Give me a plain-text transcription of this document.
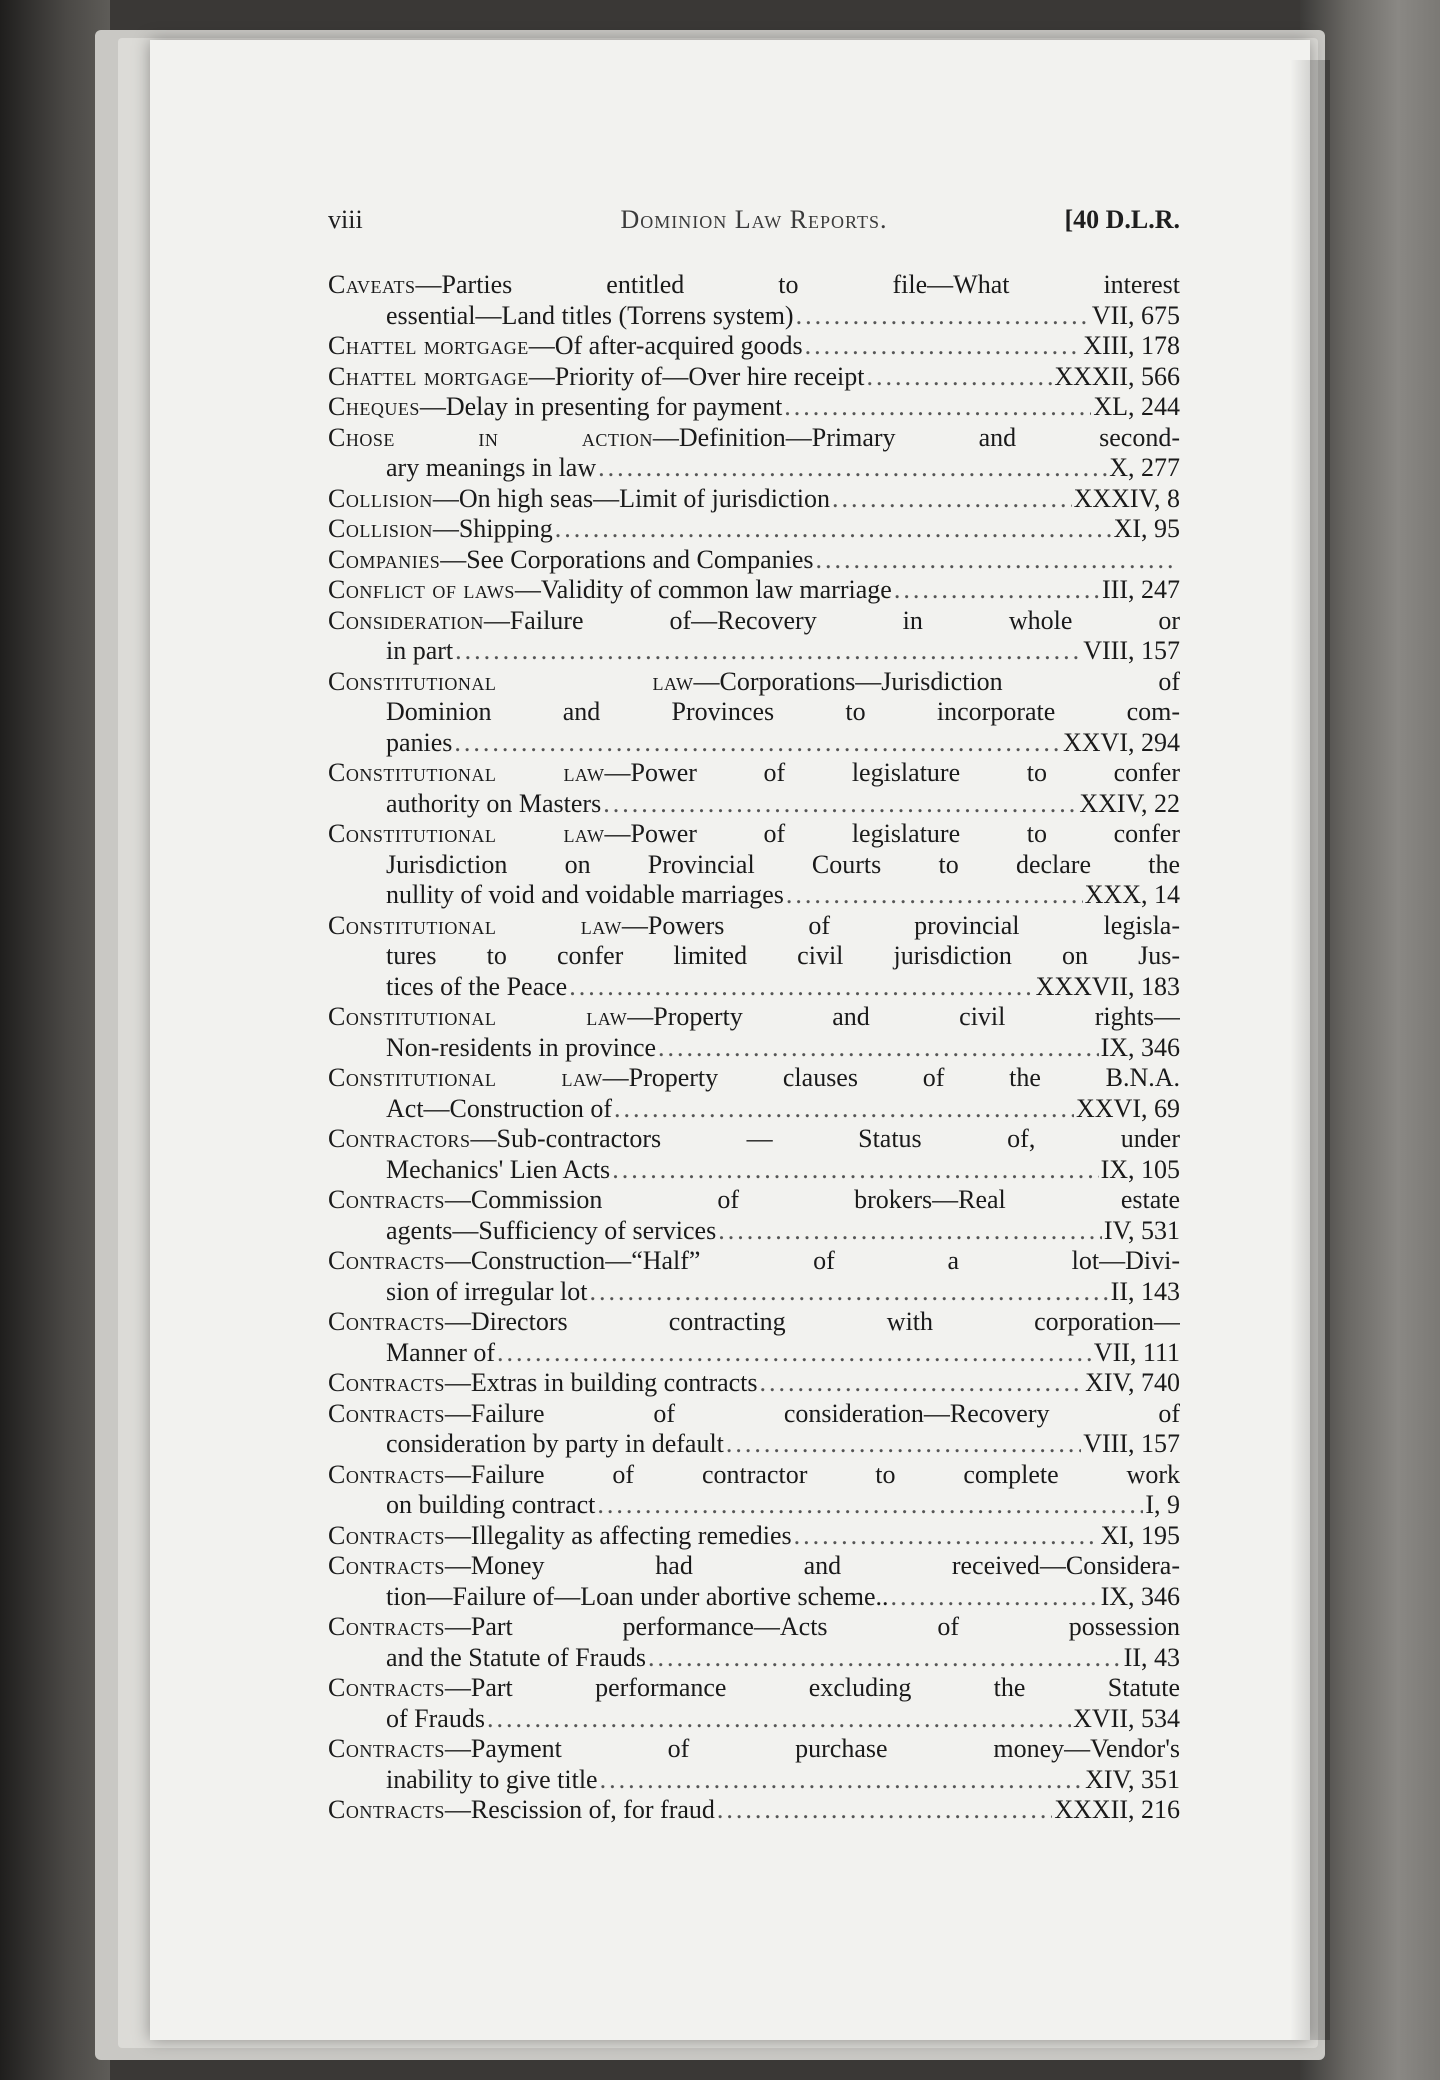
viii	Dominion Law Reports.	[40 D.L.R.
Caveats—Parties entitled to file—What interest
essential—Land titles (Torrens system) .....	VII, 675
Chattel mortgage—Of after-acquired goods .....	XIII, 178
Chattel mortgage—Priority of—Over hire receipt .....	XXXII, 566
Cheques—Delay in presenting for payment .....	XL, 244
Chose in action—Definition—Primary and second-
ary meanings in law .....	X, 277
Collision—On high seas—Limit of jurisdiction .....	XXXIV, 8
Collision—Shipping .....	XI, 95
Companies—See Corporations and Companies
.....
Conflict of laws—Validity of common law marriage .....	III, 247
Consideration—Failure of—Recovery in whole or
in part .....	VIII, 157
Constitutional law—Corporations—Jurisdiction of
Dominion and Provinces to incorporate com-
panies .....	XXVI, 294
Constitutional law—Power of legislature to confer
authority on Masters .....	XXIV, 22
Constitutional law—Power of legislature to confer
Jurisdiction on Provincial Courts to declare the
nullity of void and voidable marriages .....	XXX, 14
Constitutional law—Powers of provincial legisla-
tures to confer limited civil jurisdiction on Jus-
tices of the Peace .....	XXXVII, 183
Constitutional law—Property and civil rights—
Non-residents in province .....	IX, 346
Constitutional law—Property clauses of the B.N.A.
Act—Construction of .....	XXVI, 69
Contractors—Sub-contractors — Status of, under
Mechanics' Lien Acts .....	IX, 105
Contracts—Commission of brokers—Real estate
agents—Sufficiency of services .....	IV, 531
Contracts—Construction—“Half” of a lot—Divi-
sion of irregular lot .....	II, 143
Contracts—Directors contracting with corporation—
Manner of .....	VII, 111
Contracts—Extras in building contracts .....	XIV, 740
Contracts—Failure of consideration—Recovery of
consideration by party in default .....	VIII, 157
Contracts—Failure of contractor to complete work
on building contract .....	I, 9
Contracts—Illegality as affecting remedies .....	XI, 195
Contracts—Money had and received—Considera-
tion—Failure of—Loan under abortive scheme.. .....	IX, 346
Contracts—Part performance—Acts of possession
and the Statute of Frauds .....	II, 43
Contracts—Part performance excluding the Statute
of Frauds .....	XVII, 534
Contracts—Payment of purchase money—Vendor's
inability to give title .....	XIV, 351
Contracts—Rescission of, for fraud .....	XXXII, 216
